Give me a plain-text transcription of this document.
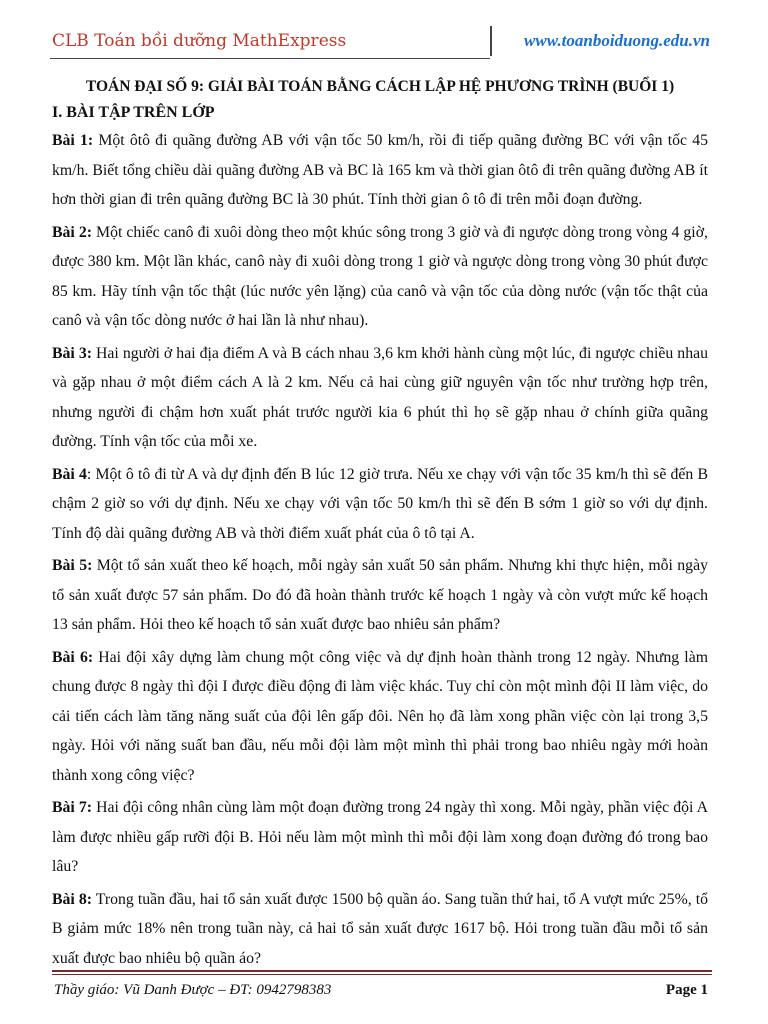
CLB Toán bồi dưỡng MathExpress	www.toanboiduong.edu.vn
TOÁN ĐẠI SỐ 9: GIẢI BÀI TOÁN BẰNG CÁCH LẬP HỆ PHƯƠNG TRÌNH (BUỔI 1)
I. BÀI TẬP TRÊN LỚP

Bài 1: Một ôtô đi quãng đường AB với vận tốc 50 km/h, rồi đi tiếp quãng đường BC với vận tốc 45 km/h. Biết tổng chiều dài quãng đường AB và BC là 165 km và thời gian ôtô đi trên quãng đường AB ít hơn thời gian đi trên quãng đường BC là 30 phút. Tính thời gian ô tô đi trên mỗi đoạn đường.

Bài 2: Một chiếc canô đi xuôi dòng theo một khúc sông trong 3 giờ và đi ngược dòng trong vòng 4 giờ, được 380 km. Một lần khác, canô này đi xuôi dòng trong 1 giờ và ngược dòng trong vòng 30 phút được 85 km. Hãy tính vận tốc thật (lúc nước yên lặng) của canô và vận tốc của dòng nước (vận tốc thật của canô và vận tốc dòng nước ở hai lần là như nhau).

Bài 3: Hai người ở hai địa điểm A và B cách nhau 3,6 km khởi hành cùng một lúc, đi ngược chiều nhau và gặp nhau ở một điểm cách A là 2 km. Nếu cả hai cùng giữ nguyên vận tốc như trường hợp trên, nhưng người đi chậm hơn xuất phát trước người kia 6 phút thì họ sẽ gặp nhau ở chính giữa quãng đường. Tính vận tốc của mỗi xe.

Bài 4: Một ô tô đi từ A và dự định đến B lúc 12 giờ trưa. Nếu xe chạy với vận tốc 35 km/h thì sẽ đến B chậm 2 giờ so với dự định. Nếu xe chạy với vận tốc 50 km/h thì sẽ đến B sớm 1 giờ so với dự định. Tính độ dài quãng đường AB và thời điểm xuất phát của ô tô tại A.

Bài 5: Một tổ sản xuất theo kế hoạch, mỗi ngày sản xuất 50 sản phẩm. Nhưng khi thực hiện, mỗi ngày tổ sản xuất được 57 sản phẩm. Do đó đã hoàn thành trước kế hoạch 1 ngày và còn vượt mức kế hoạch 13 sản phẩm. Hỏi theo kế hoạch tổ sản xuất được bao nhiêu sản phẩm?

Bài 6: Hai đội xây dựng làm chung một công việc và dự định hoàn thành trong 12 ngày. Nhưng làm chung được 8 ngày thì đội I được điều động đi làm việc khác. Tuy chỉ còn một mình đội II làm việc, do cải tiến cách làm tăng năng suất của đội lên gấp đôi. Nên họ đã làm xong phần việc còn lại trong 3,5 ngày. Hỏi với năng suất ban đầu, nếu mỗi đội làm một mình thì phải trong bao nhiêu ngày mới hoàn thành xong công việc?

Bài 7: Hai đội công nhân cùng làm một đoạn đường trong 24 ngày thì xong. Mỗi ngày, phần việc đội A làm được nhiều gấp rưỡi đội B. Hỏi nếu làm một mình thì mỗi đội làm xong đoạn đường đó trong bao lâu?

Bài 8: Trong tuần đầu, hai tổ sản xuất được 1500 bộ quần áo. Sang tuần thứ hai, tổ A vượt mức 25%, tổ B giảm mức 18% nên trong tuần này, cả hai tổ sản xuất được 1617 bộ. Hỏi trong tuần đầu mỗi tổ sản xuất được bao nhiêu bộ quần áo?

Thầy giáo: Vũ Danh Được – ĐT: 0942798383	Page 1
